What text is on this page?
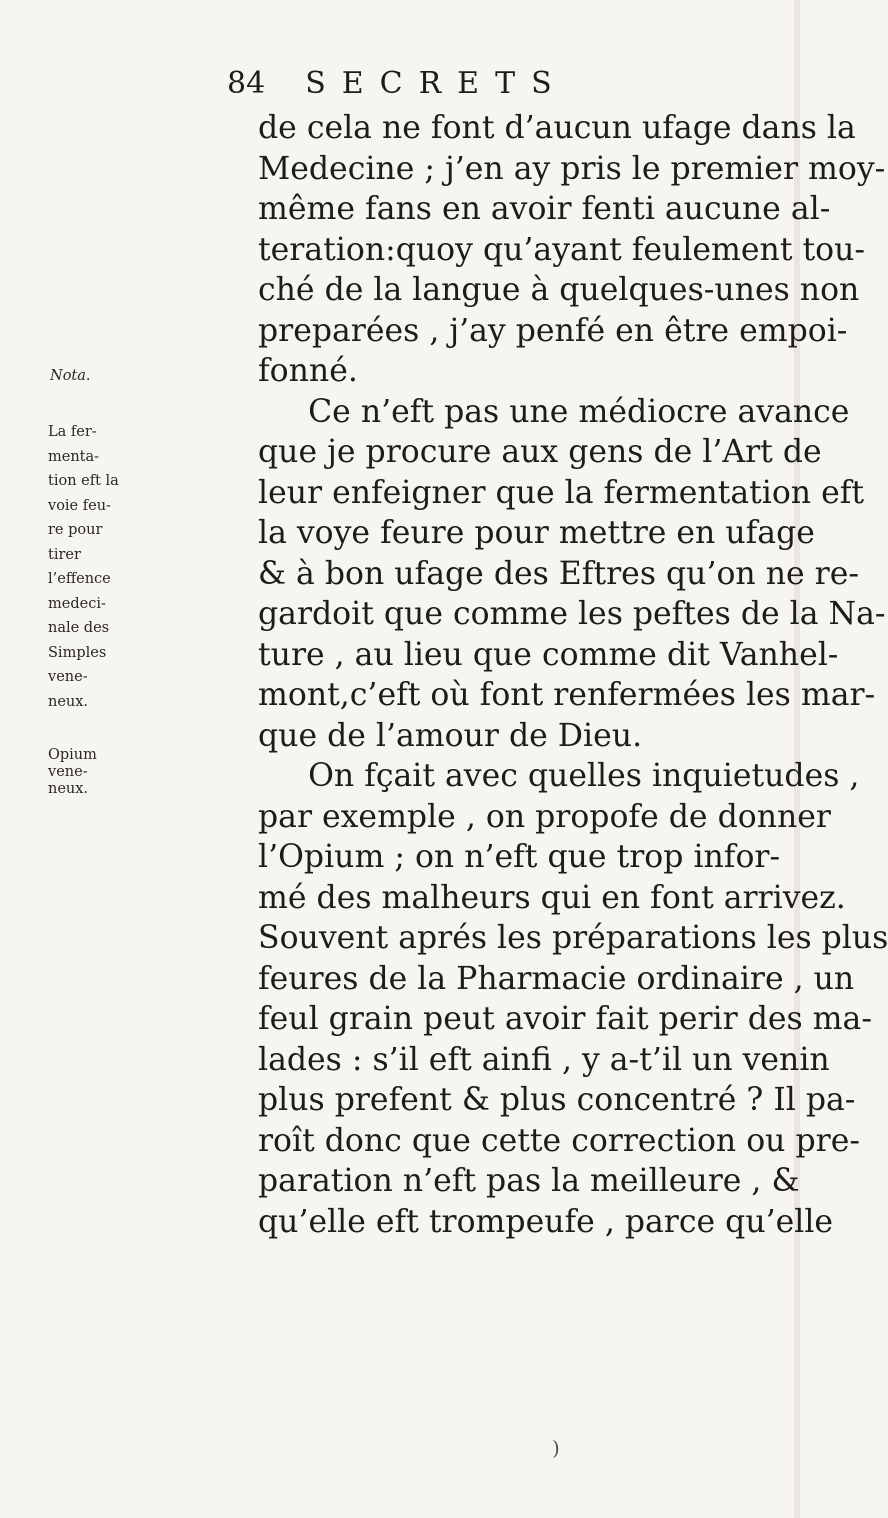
84 SECRETS
de cela ne font d’aucun ufage dans la
Medecine ; j’en ay pris le premier moy-
même fans en avoir fenti aucune al-
teration:quoy qu’ayant feulement tou-
ché de la langue à quelques-unes non
preparées , j’ay penfé en être empoi-
fonné.
Ce n’eft pas une médiocre avance
que je procure aux gens de l’Art de
leur enfeigner que la fermentation eft
la voye feure pour mettre en ufage
& à bon ufage des Eftres qu’on ne re-
gardoit que comme les peftes de la Na-
ture , au lieu que comme dit Vanhel-
mont,c’eft où font renfermées les mar-
que de l’amour de Dieu.
On fçait avec quelles inquietudes ,
par exemple , on propofe de donner
l’Opium ; on n’eft que trop infor-
mé des malheurs qui en font arrivez.
Souvent aprés les préparations les plus
feures de la Pharmacie ordinaire , un
feul grain peut avoir fait perir des ma-
lades : s’il eft ainfi , y a-t’il un venin
plus prefent & plus concentré ? Il pa-
roît donc que cette correction ou pre-
paration n’eft pas la meilleure , &
qu’elle eft trompeufe , parce qu’elle
Nota.
La fer-
menta-
tion eft la
voie feu-
re pour
tirer
l’effence
medeci-
nale des
Simples
vene-
neux.
Opium
vene-
neux.
)
